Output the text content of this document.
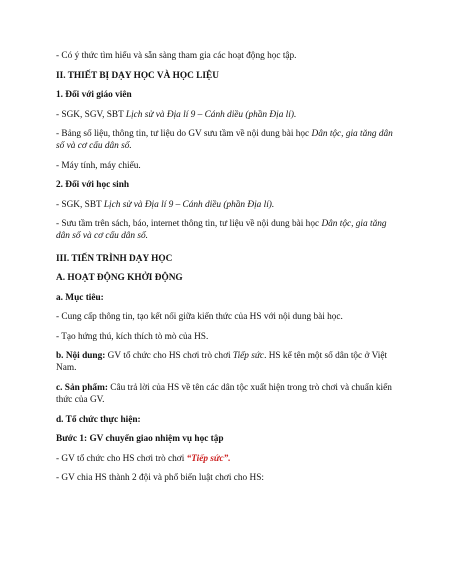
- Có ý thức tìm hiểu và sẵn sàng tham gia các hoạt động học tập.

II. THIẾT BỊ DẠY HỌC VÀ HỌC LIỆU

1. Đối với giáo viên

- SGK, SGV, SBT Lịch sử và Địa lí 9 – Cánh diều (phần Địa lí).

- Bảng số liệu, thông tin, tư liệu do GV sưu tầm về nội dung bài học Dân tộc, gia tăng dân số và cơ cấu dân số.

- Máy tính, máy chiếu.

2. Đối với học sinh

- SGK, SBT Lịch sử và Địa lí 9 – Cánh diều (phần Địa lí).

- Sưu tầm trên sách, báo, internet thông tin, tư liệu về nội dung bài học Dân tộc, gia tăng dân số và cơ cấu dân số.

III. TIẾN TRÌNH DẠY HỌC

A. HOẠT ĐỘNG KHỞI ĐỘNG

a. Mục tiêu:

- Cung cấp thông tin, tạo kết nối giữa kiến thức của HS với nội dung bài học.

- Tạo hứng thú, kích thích tò mò của HS.

b. Nội dung: GV tổ chức cho HS chơi trò chơi Tiếp sức. HS kể tên một số dân tộc ở Việt Nam.

c. Sản phẩm: Câu trả lời của HS về tên các dân tộc xuất hiện trong trò chơi và chuẩn kiến thức của GV.

d. Tổ chức thực hiện:

Bước 1: GV chuyển giao nhiệm vụ học tập

- GV tổ chức cho HS chơi trò chơi “Tiếp sức”.

- GV chia HS thành 2 đội và phổ biến luật chơi cho HS:
